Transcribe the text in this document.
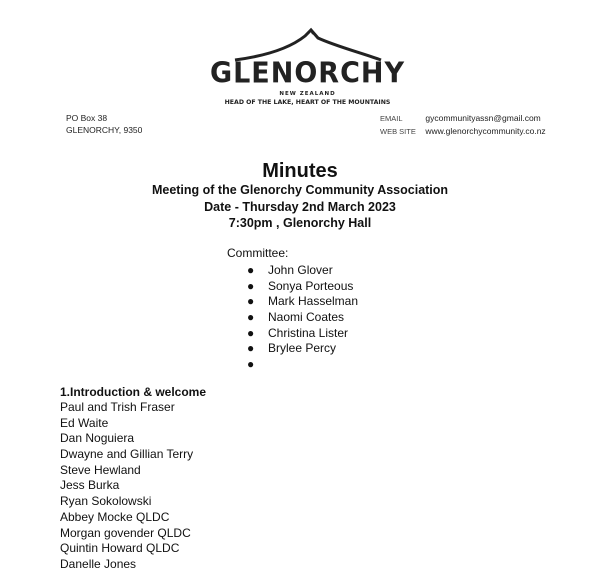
GLENORCHY
NEW ZEALAND
HEAD OF THE LAKE, HEART OF THE MOUNTAINS
PO Box 38
GLENORCHY, 9350
EMAIL	gycommunityassn@gmail.com
WEB SITE www.glenorchycommunity.co.nz
Minutes
Meeting of the Glenorchy Community Association
Date - Thursday 2nd March 2023
7:30pm , Glenorchy Hall
Committee:
● John Glover
● Sonya Porteous
● Mark Hasselman
● Naomi Coates
● Christina Lister
● Brylee Percy
●
1.Introduction & welcome
Paul and Trish Fraser
Ed Waite
Dan Noguiera
Dwayne and Gillian Terry
Steve Hewland
Jess Burka
Ryan Sokolowski
Abbey Mocke QLDC
Morgan govender QLDC
Quintin Howard QLDC
Danelle Jones
